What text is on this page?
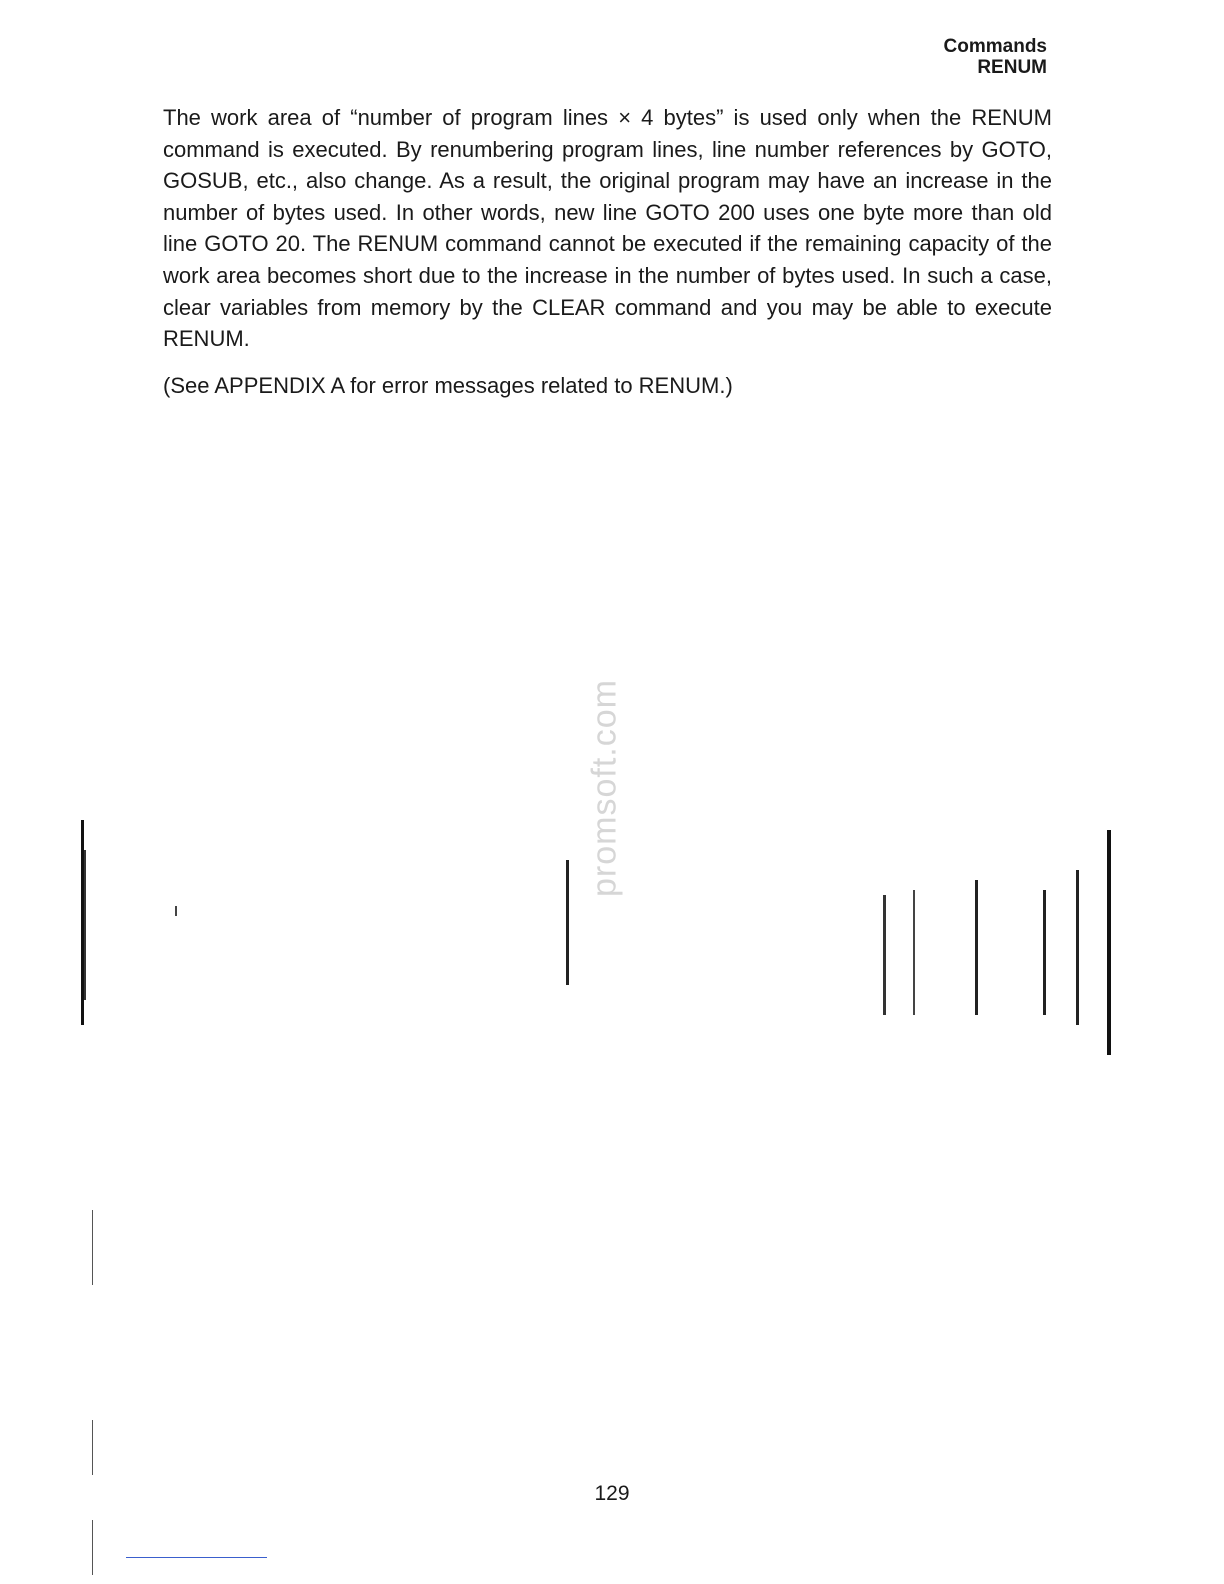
Commands
RENUM

The work area of “number of program lines × 4 bytes” is used only when the RENUM command is executed. By renumbering program lines, line number references by GOTO, GOSUB, etc., also change. As a result, the original program may have an increase in the number of bytes used. In other words, new line GOTO 200 uses one byte more than old line GOTO 20. The RENUM command cannot be executed if the remaining capacity of the work area becomes short due to the increase in the number of bytes used. In such a case, clear variables from memory by the CLEAR command and you may be able to execute RENUM.

(See APPENDIX A for error messages related to RENUM.)

promsoft.com
129
